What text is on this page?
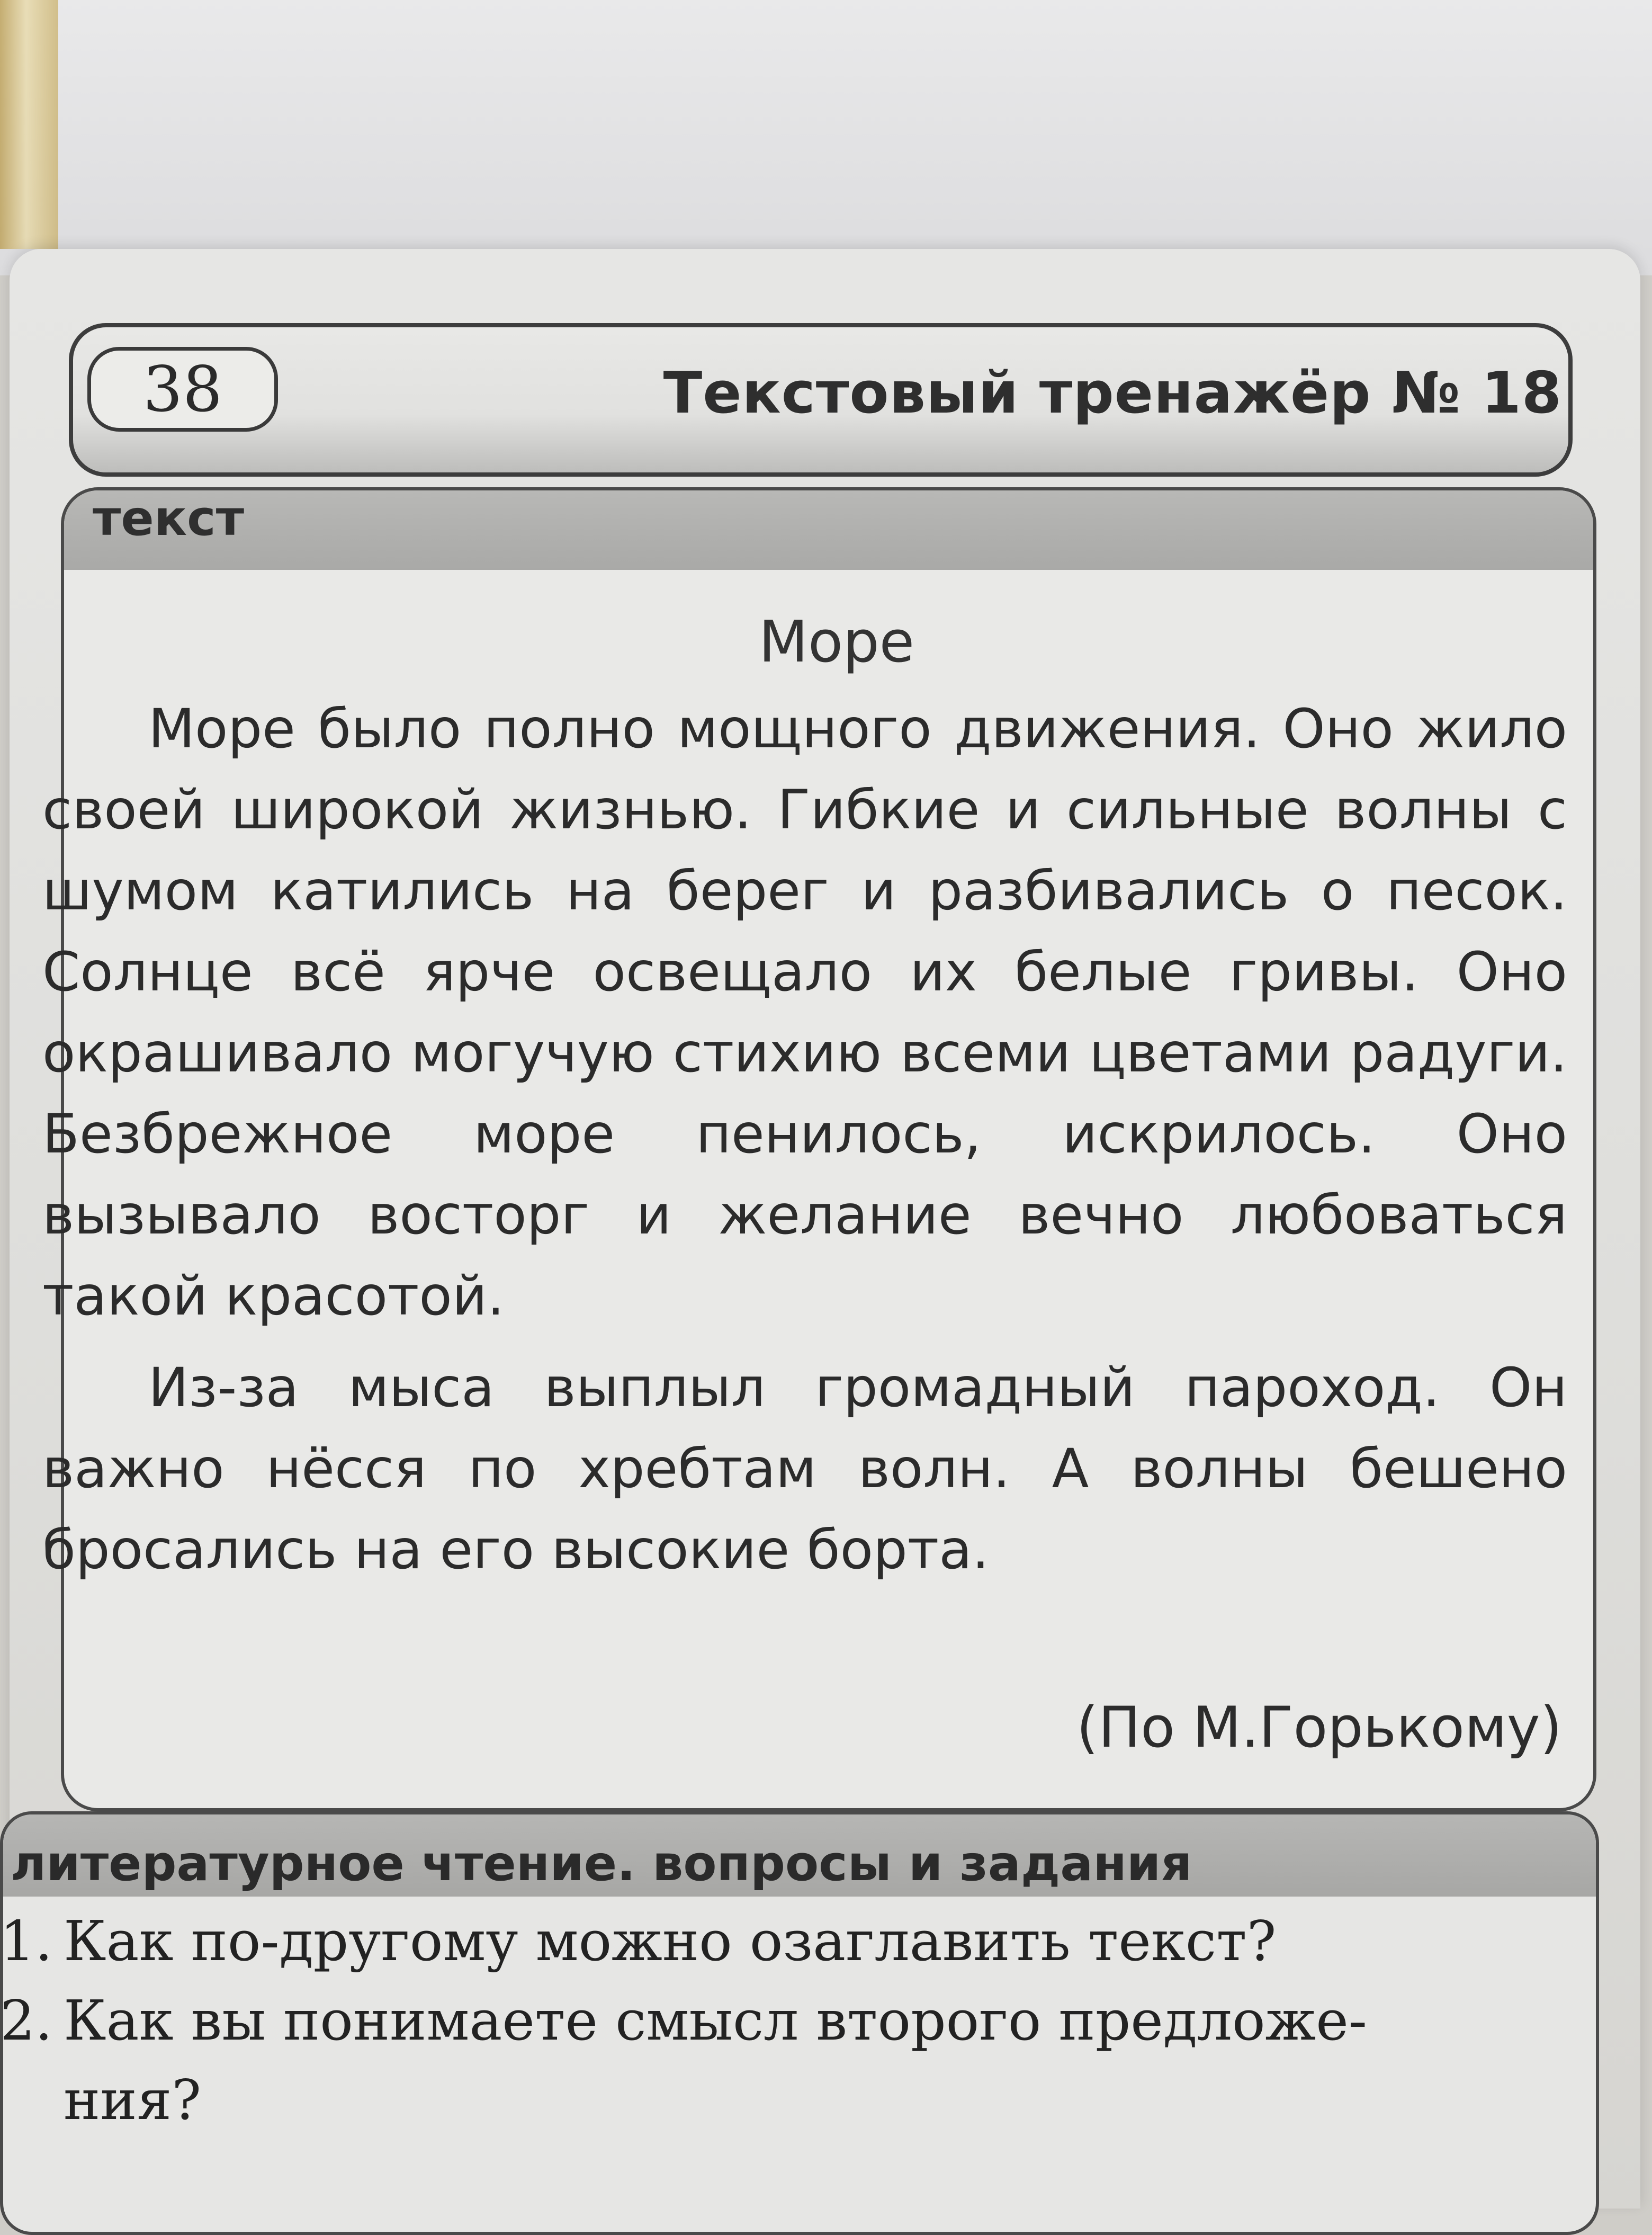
38	Текстовый тренажёр № 18
текст
Море

Море было полно мощного движения. Оно жило своей широкой жизнью. Гибкие и сильные волны с шумом катились на берег и разбивались о песок. Солнце всё ярче освещало их белые гривы. Оно окрашивало могучую стихию всеми цветами радуги. Безбрежное море пенилось, искрилось. Оно вызывало восторг и желание вечно любоваться такой красотой.

Из-за мыса выплыл громадный пароход. Он важно нёсся по хребтам волн. А волны бешено бросались на его высокие борта.

(По М.Горькому)
литературное чтение. вопросы и задания
1. Как по-другому можно озаглавить текст?
2. Как вы понимаете смысл второго предложе-
ния?
